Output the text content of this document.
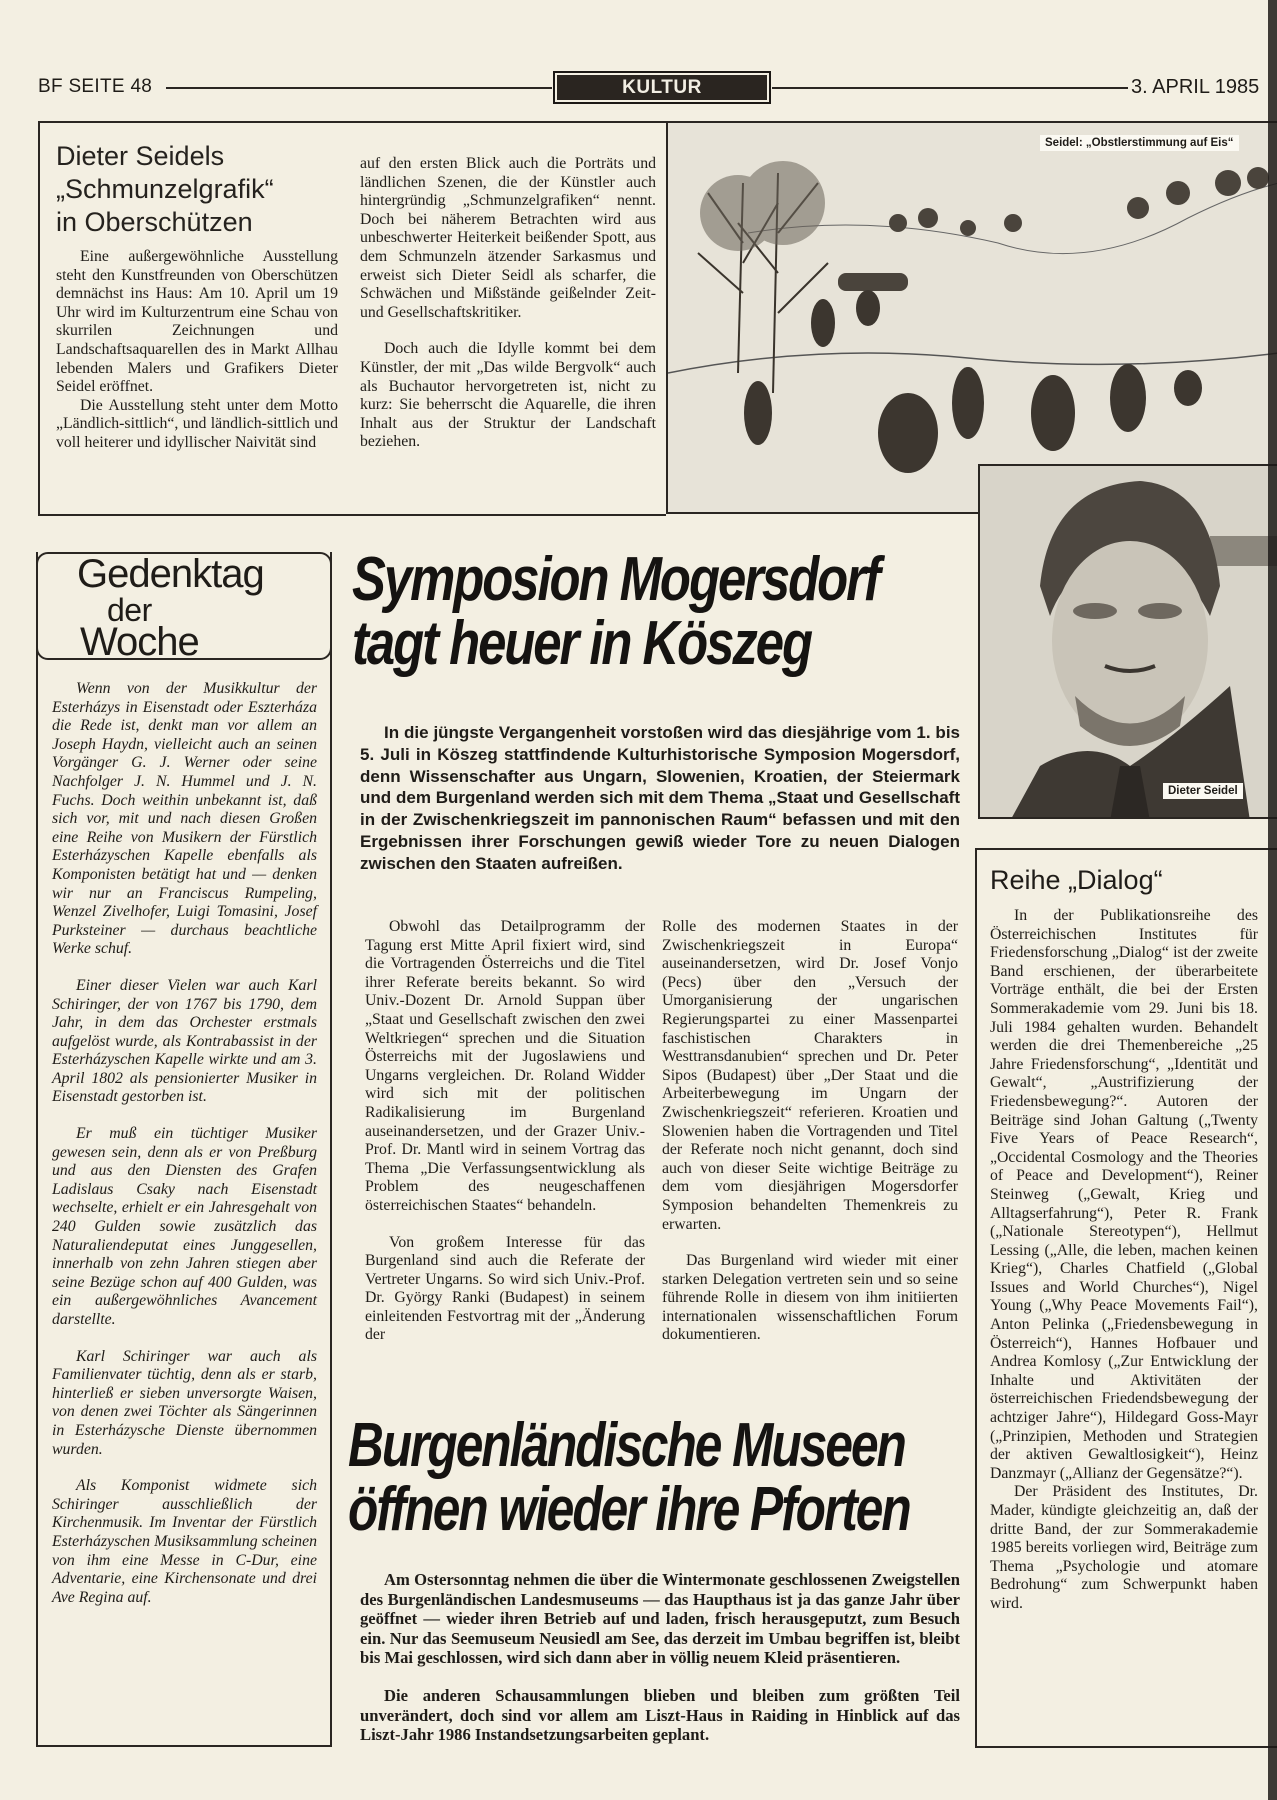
BF SEITE 48	KULTUR	3. APRIL 1985
Dieter Seidels
„Schmunzelgrafik“
in Oberschützen

Eine außergewöhnliche Ausstellung steht den Kunstfreunden von Oberschützen demnächst ins Haus: Am 10. April um 19 Uhr wird im Kulturzentrum eine Schau von skurrilen Zeichnungen und Landschaftsaquarellen des in Markt Allhau lebenden Malers und Grafikers Dieter Seidel eröffnet.

Die Ausstellung steht unter dem Motto „Ländlich-sittlich“, und ländlich-sittlich und voll heiterer und idyllischer Naivität sind

auf den ersten Blick auch die Porträts und ländlichen Szenen, die der Künstler auch hintergründig „Schmunzelgrafiken“ nennt. Doch bei näherem Betrachten wird aus unbeschwerter Heiterkeit beißender Spott, aus dem Schmunzeln ätzender Sarkasmus und erweist sich Dieter Seidl als scharfer, die Schwächen und Mißstände geißelnder Zeit- und Gesellschaftskritiker.

Doch auch die Idylle kommt bei dem Künstler, der mit „Das wilde Bergvolk“ auch als Buchautor hervorgetreten ist, nicht zu kurz: Sie beherrscht die Aquarelle, die ihren Inhalt aus der Struktur der Landschaft beziehen.

Seidel: „Obstlerstimmung auf Eis“
Dieter Seidel
Gedenktag
der
Woche

Wenn von der Musikkultur der Esterházys in Eisenstadt oder Eszterháza die Rede ist, denkt man vor allem an Joseph Haydn, vielleicht auch an seinen Vorgänger G. J. Werner oder seine Nachfolger J. N. Hummel und J. N. Fuchs. Doch weithin unbekannt ist, daß sich vor, mit und nach diesen Großen eine Reihe von Musikern der Fürstlich Esterházyschen Kapelle ebenfalls als Komponisten betätigt hat und — denken wir nur an Franciscus Rumpeling, Wenzel Zivelhofer, Luigi Tomasini, Josef Purksteiner — durchaus beachtliche Werke schuf.

Einer dieser Vielen war auch Karl Schiringer, der von 1767 bis 1790, dem Jahr, in dem das Orchester erstmals aufgelöst wurde, als Kontrabassist in der Esterházyschen Kapelle wirkte und am 3. April 1802 als pensionierter Musiker in Eisenstadt gestorben ist.

Er muß ein tüchtiger Musiker gewesen sein, denn als er von Preßburg und aus den Diensten des Grafen Ladislaus Csaky nach Eisenstadt wechselte, erhielt er ein Jahresgehalt von 240 Gulden sowie zusätzlich das Naturaliendeputat eines Junggesellen, innerhalb von zehn Jahren stiegen aber seine Bezüge schon auf 400 Gulden, was ein außergewöhnliches Avancement darstellte.

Karl Schiringer war auch als Familienvater tüchtig, denn als er starb, hinterließ er sieben unversorgte Waisen, von denen zwei Töchter als Sängerinnen in Esterházysche Dienste übernommen wurden.

Als Komponist widmete sich Schiringer ausschließlich der Kirchenmusik. Im Inventar der Fürstlich Esterházyschen Musiksammlung scheinen von ihm eine Messe in C-Dur, eine Adventarie, eine Kirchensonate und drei Ave Regina auf.

Symposion Mogersdorf
tagt heuer in Köszeg
In die jüngste Vergangenheit vorstoßen wird das diesjährige vom 1. bis 5. Juli in Köszeg stattfindende Kulturhistorische Symposion Mogersdorf, denn Wissenschafter aus Ungarn, Slowenien, Kroatien, der Steiermark und dem Burgenland werden sich mit dem Thema „Staat und Gesellschaft in der Zwischenkriegszeit im pannonischen Raum“ befassen und mit den Ergebnissen ihrer Forschungen gewiß wieder Tore zu neuen Dialogen zwischen den Staaten aufreißen.

Obwohl das Detailprogramm der Tagung erst Mitte April fixiert wird, sind die Vortragenden Österreichs und die Titel ihrer Referate bereits bekannt. So wird Univ.-Dozent Dr. Arnold Suppan über „Staat und Gesellschaft zwischen den zwei Weltkriegen“ sprechen und die Situation Österreichs mit der Jugoslawiens und Ungarns vergleichen. Dr. Roland Widder wird sich mit der politischen Radikalisierung im Burgenland auseinandersetzen, und der Grazer Univ.-Prof. Dr. Mantl wird in seinem Vortrag das Thema „Die Verfassungsentwicklung als Problem des neugeschaffenen österreichischen Staates“ behandeln.

Von großem Interesse für das Burgenland sind auch die Referate der Vertreter Ungarns. So wird sich Univ.-Prof. Dr. György Ranki (Budapest) in seinem einleitenden Festvortrag mit der „Änderung der

Rolle des modernen Staates in der Zwischenkriegszeit in Europa“ auseinandersetzen, wird Dr. Josef Vonjo (Pecs) über den „Versuch der Umorganisierung der ungarischen Regierungspartei zu einer Massenpartei faschistischen Charakters in Westtransdanubien“ sprechen und Dr. Peter Sipos (Budapest) über „Der Staat und die Arbeiterbewegung im Ungarn der Zwischenkriegszeit“ referieren. Kroatien und Slowenien haben die Vortragenden und Titel der Referate noch nicht genannt, doch sind auch von dieser Seite wichtige Beiträge zu dem vom diesjährigen Mogersdorfer Symposion behandelten Themenkreis zu erwarten.

Das Burgenland wird wieder mit einer starken Delegation vertreten sein und so seine führende Rolle in diesem von ihm initiierten internationalen wissenschaftlichen Forum dokumentieren.

Burgenländische Museen
öffnen wieder ihre Pforten

Am Ostersonntag nehmen die über die Wintermonate geschlossenen Zweigstellen des Burgenländischen Landesmuseums — das Haupthaus ist ja das ganze Jahr über geöffnet — wieder ihren Betrieb auf und laden, frisch herausgeputzt, zum Besuch ein. Nur das Seemuseum Neusiedl am See, das derzeit im Umbau begriffen ist, bleibt bis Mai geschlossen, wird sich dann aber in völlig neuem Kleid präsentieren.

Die anderen Schausammlungen blieben und bleiben zum größten Teil unverändert, doch sind vor allem am Liszt-Haus in Raiding in Hinblick auf das Liszt-Jahr 1986 Instandsetzungsarbeiten geplant.

Reihe „Dialog“

In der Publikationsreihe des Österreichischen Institutes für Friedensforschung „Dialog“ ist der zweite Band erschienen, der überarbeitete Vorträge enthält, die bei der Ersten Sommerakademie vom 29. Juni bis 18. Juli 1984 gehalten wurden. Behandelt werden die drei Themenbereiche „25 Jahre Friedensforschung“, „Identität und Gewalt“, „Austrifizierung der Friedensbewegung?“. Autoren der Beiträge sind Johan Galtung („Twenty Five Years of Peace Research“, „Occidental Cosmology and the Theories of Peace and Development“), Reiner Steinweg („Gewalt, Krieg und Alltagserfahrung“), Peter R. Frank („Nationale Stereotypen“), Hellmut Lessing („Alle, die leben, machen keinen Krieg“), Charles Chatfield („Global Issues and World Churches“), Nigel Young („Why Peace Movements Fail“), Anton Pelinka („Friedensbewegung in Österreich“), Hannes Hofbauer und Andrea Komlosy („Zur Entwicklung der Inhalte und Aktivitäten der österreichischen Friedendsbewegung der achtziger Jahre“), Hildegard Goss-Mayr („Prinzipien, Methoden und Strategien der aktiven Gewaltlosigkeit“), Heinz Danzmayr („Allianz der Gegensätze?“).

Der Präsident des Institutes, Dr. Mader, kündigte gleichzeitig an, daß der dritte Band, der zur Sommerakademie 1985 bereits vorliegen wird, Beiträge zum Thema „Psychologie und atomare Bedrohung“ zum Schwerpunkt haben wird.
